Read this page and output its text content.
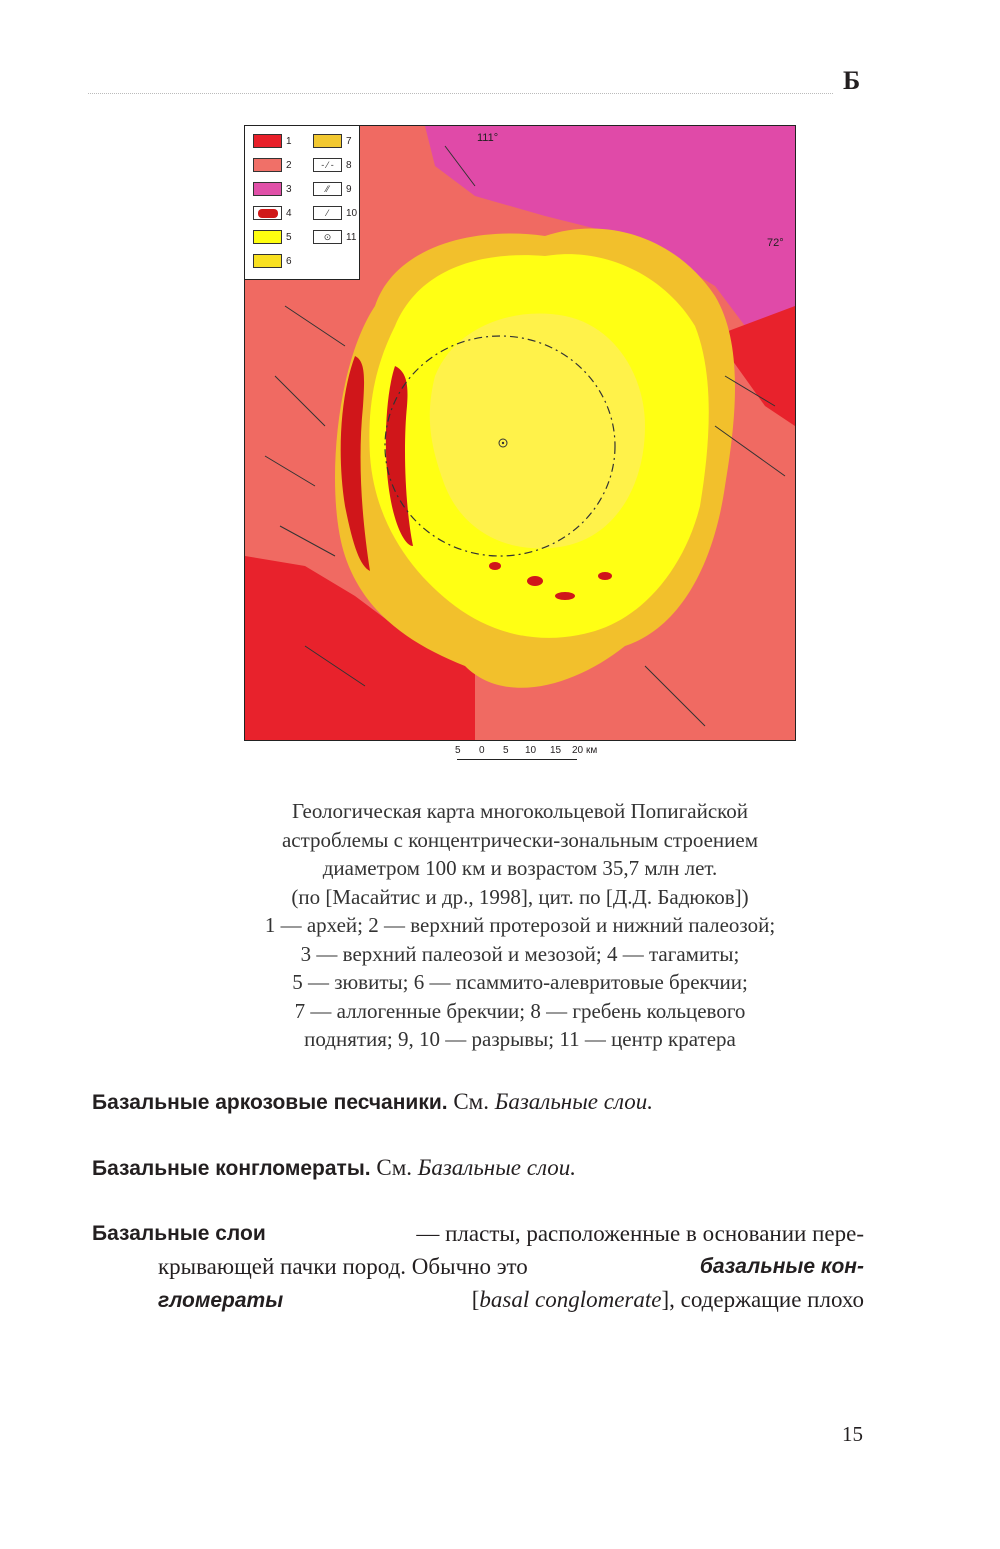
Б
1
2
3
4
5
6
7
- ⁄ -	8
⁄⁄	9
⁄	10
⊙	11
111°
72°
5 0 5 10 15 20 км
Геологическая карта многокольцевой Попигайской
астроблемы с концентрически-зональным строением
диаметром 100 км и возрастом 35,7 млн лет.
(по [Масайтис и др., 1998], цит. по [Д.Д. Бадюков])
1 — архей; 2 — верхний протерозой и нижний палеозой;
3 — верхний палеозой и мезозой; 4 — тагамиты;
5 — зювиты; 6 — псаммито-алевритовые брекчии;
7 — аллогенные брекчии; 8 — гребень кольцевого
поднятия; 9, 10 — разрывы; 11 — центр кратера
Базальные аркозовые песчаники. См. Базальные слои.
Базальные конгломераты. См. Базальные слои.
Базальные слои	— пласты, расположенные в основании пере-
крывающей пачки пород. Обычно это	базальные кон-
гломераты	[basal conglomerate], содержащие плохо
15
